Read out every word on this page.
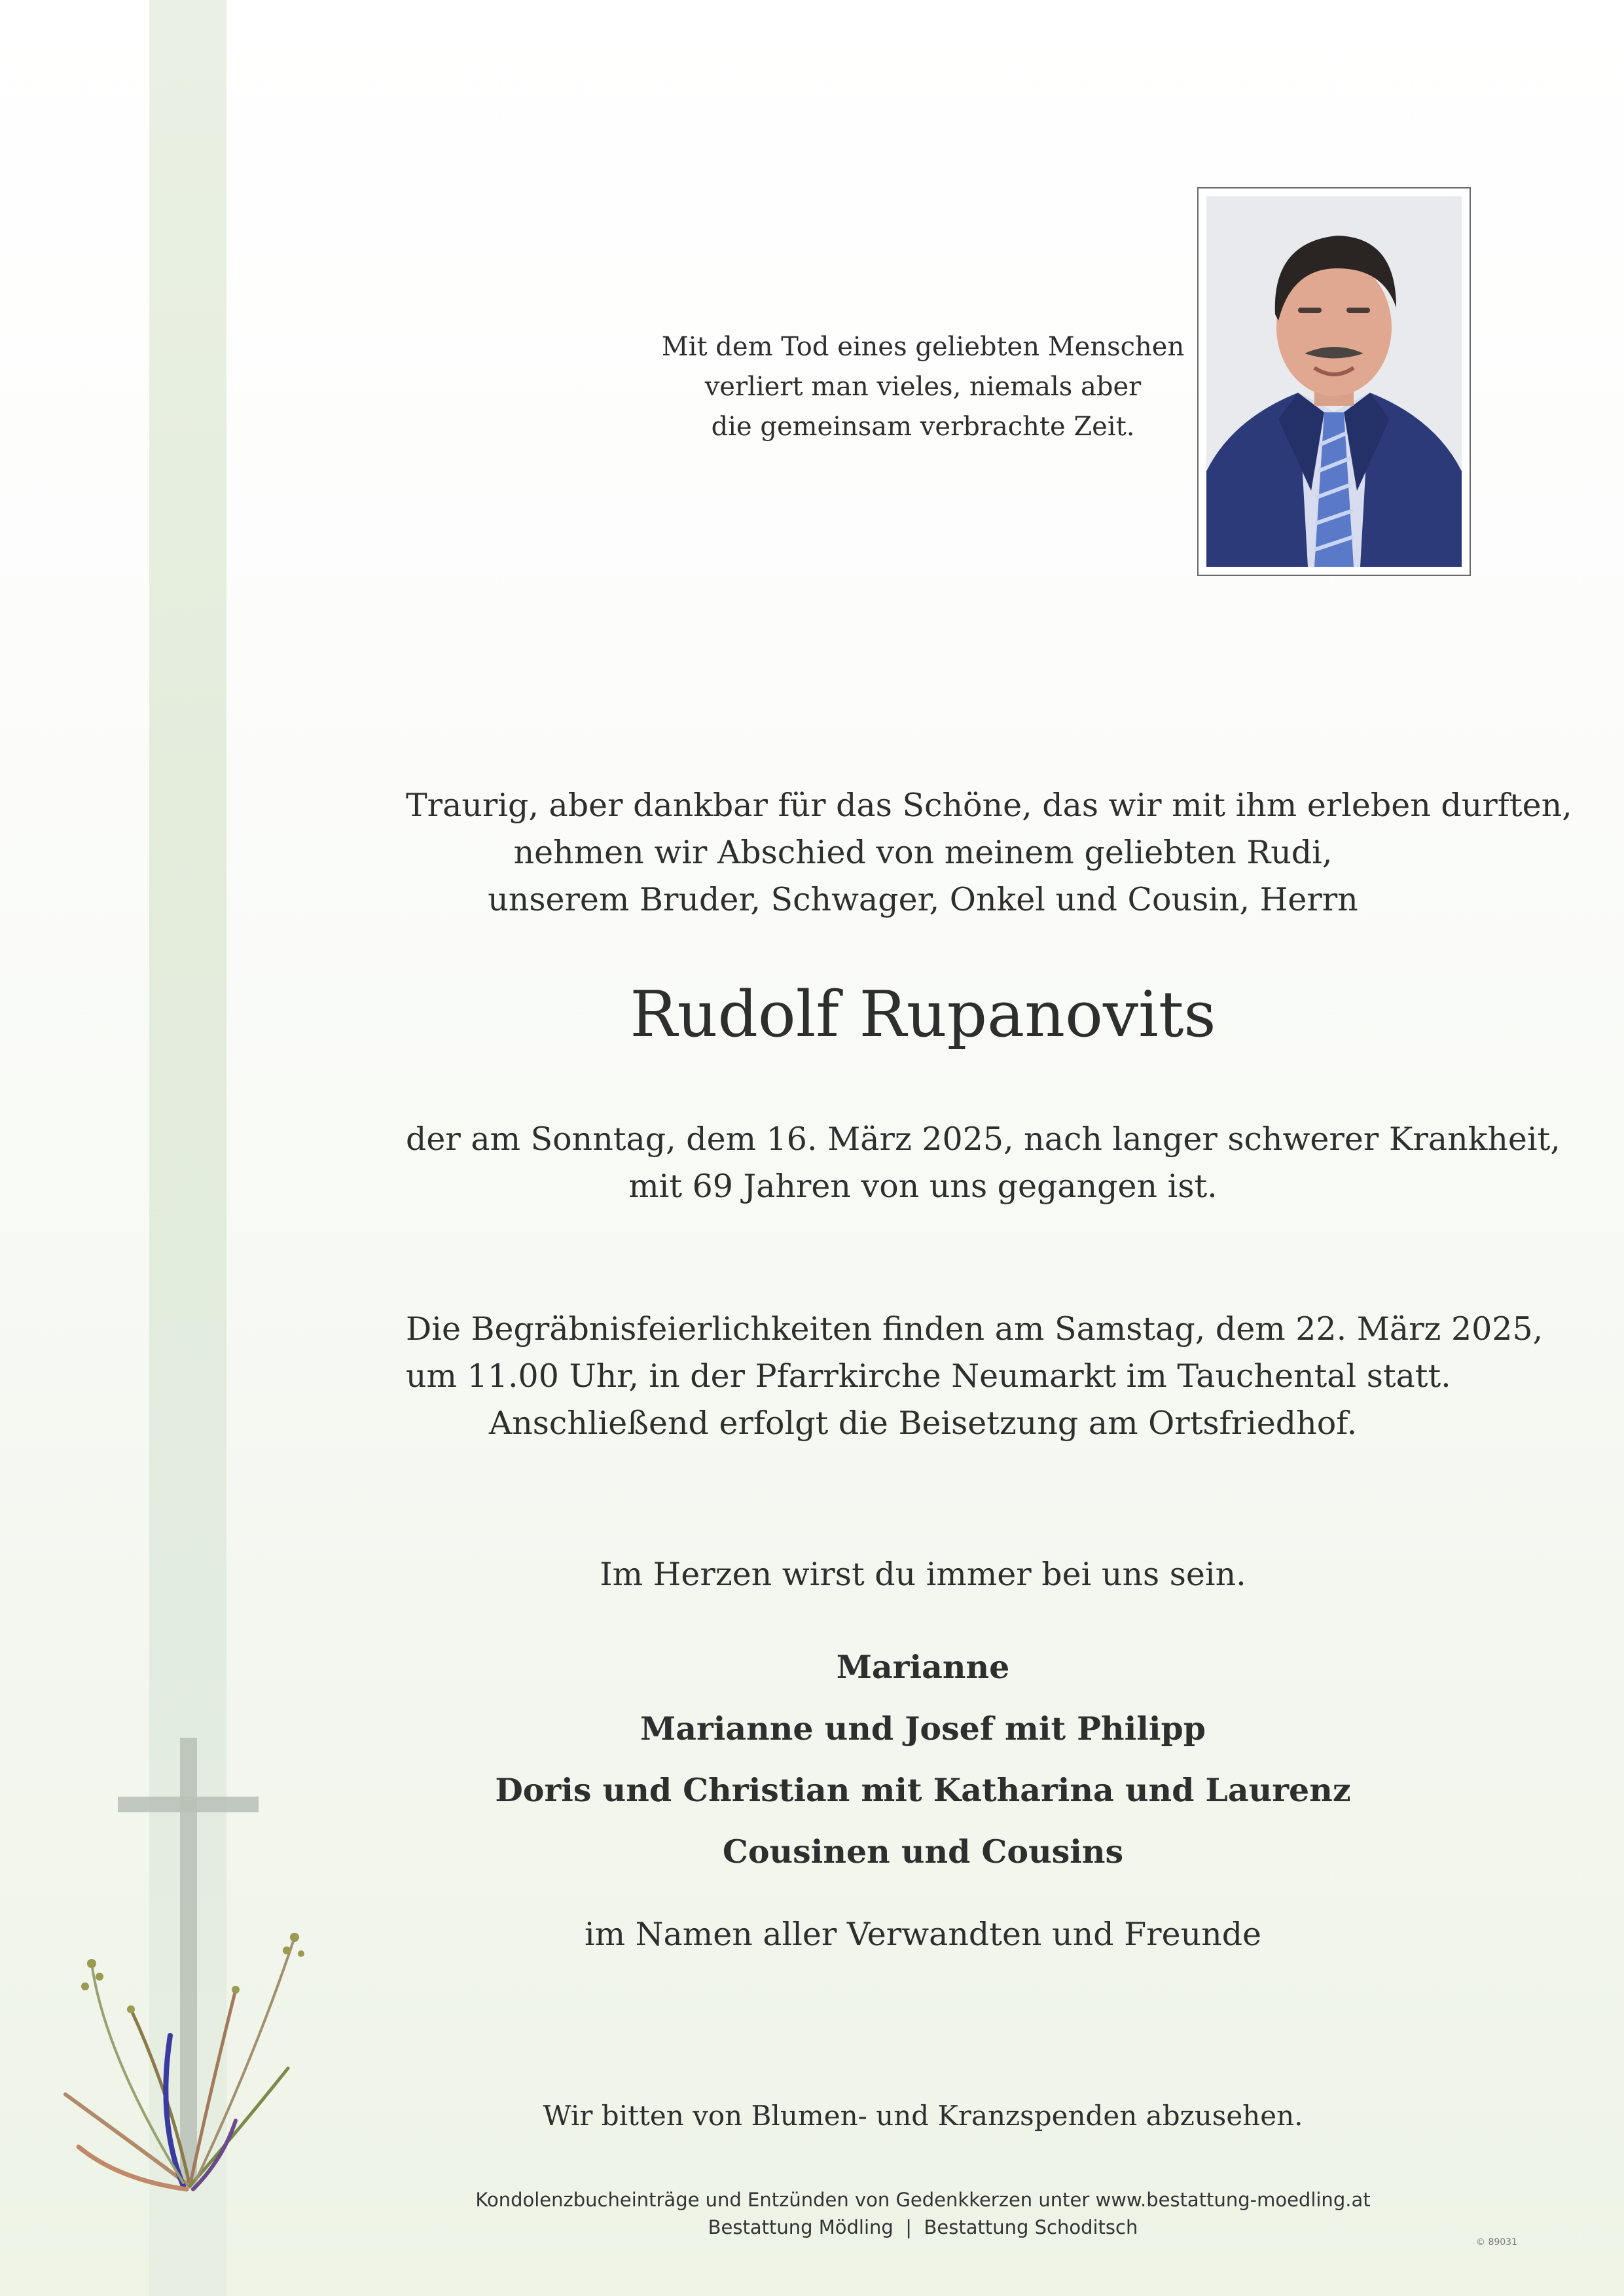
Mit dem Tod eines geliebten Menschen
verliert man vieles, niemals aber
die gemeinsam verbrachte Zeit.
Traurig, aber dankbar für das Schöne, das wir mit ihm erleben durften,
nehmen wir Abschied von meinem geliebten Rudi,
unserem Bruder, Schwager, Onkel und Cousin, Herrn
Rudolf Rupanovits
der am Sonntag, dem 16. März 2025, nach langer schwerer Krankheit,
mit 69 Jahren von uns gegangen ist.
Die Begräbnisfeierlichkeiten finden am Samstag, dem 22. März 2025,
um 11.00 Uhr, in der Pfarrkirche Neumarkt im Tauchental statt.
Anschließend erfolgt die Beisetzung am Ortsfriedhof.
Im Herzen wirst du immer bei uns sein.
Marianne
Marianne und Josef mit Philipp
Doris und Christian mit Katharina und Laurenz
Cousinen und Cousins
im Namen aller Verwandten und Freunde
Wir bitten von Blumen- und Kranzspenden abzusehen.
Kondolenzbucheinträge und Entzünden von Gedenkkerzen unter www.bestattung-moedling.at
Bestattung Mödling  |  Bestattung Schoditsch
© 89031
